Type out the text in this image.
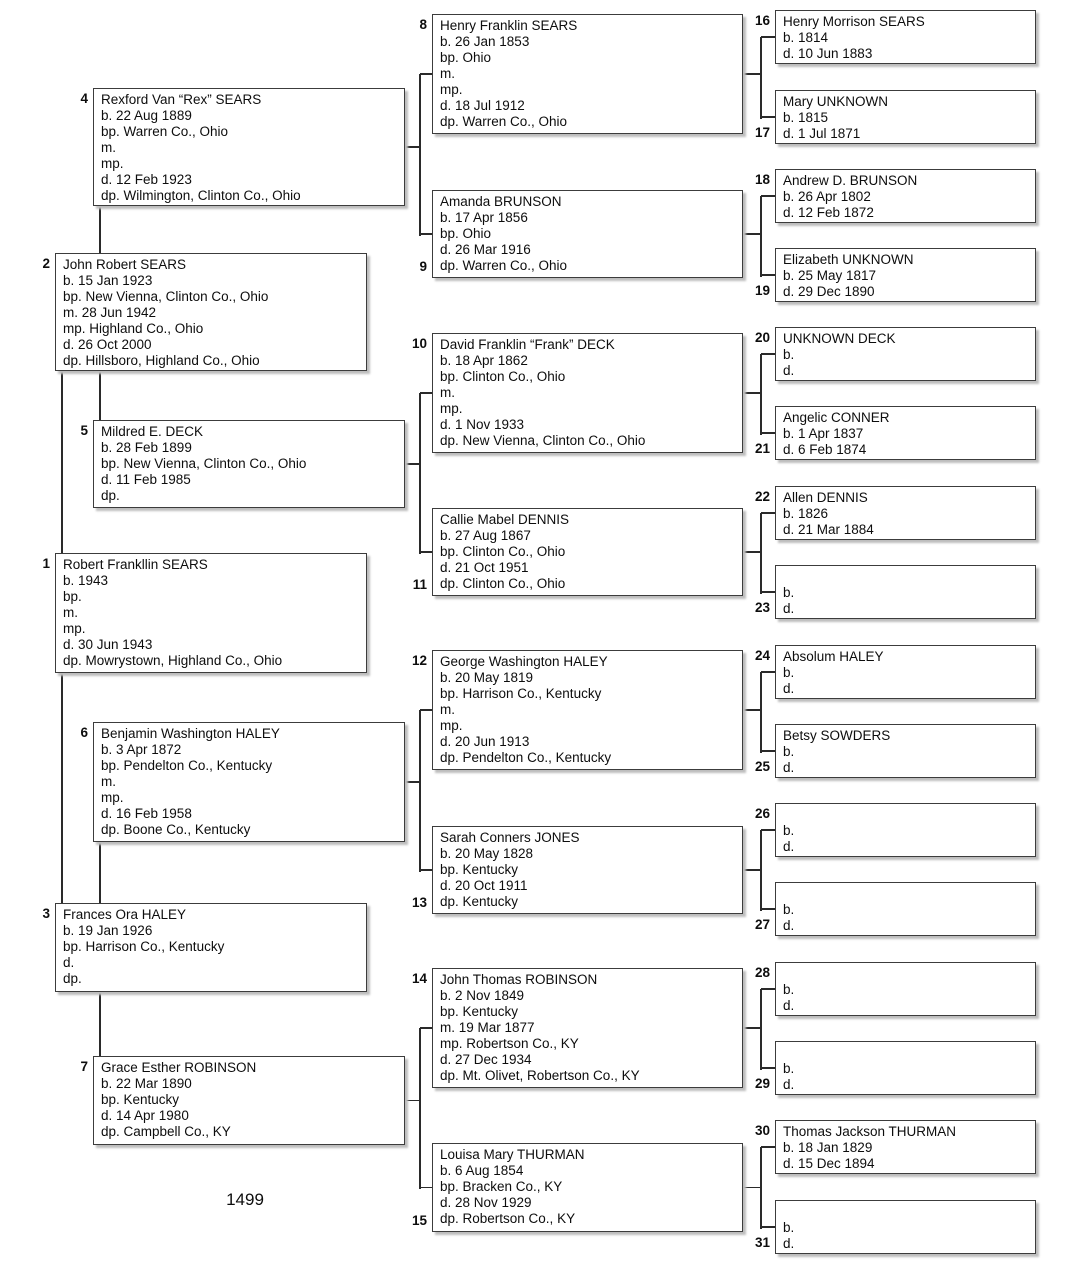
1499
Robert Frankllin SEARS
b. 1943
bp.
m.
mp.
d. 30 Jun 1943
dp. Mowrystown, Highland Co., Ohio
1
John Robert SEARS
b. 15 Jan 1923
bp. New Vienna, Clinton Co., Ohio
m. 28 Jun 1942
mp. Highland Co., Ohio
d. 26 Oct 2000
dp. Hillsboro, Highland Co., Ohio
2
Frances Ora HALEY
b. 19 Jan 1926
bp. Harrison Co., Kentucky
d.
dp.
3
Rexford Van “Rex” SEARS
b. 22 Aug 1889
bp. Warren Co., Ohio
m.
mp.
d. 12 Feb 1923
dp. Wilmington, Clinton Co., Ohio
4
Mildred E. DECK
b. 28 Feb 1899
bp. New Vienna, Clinton Co., Ohio
d. 11 Feb 1985
dp.
5
Benjamin Washington HALEY
b. 3 Apr 1872
bp. Pendelton Co., Kentucky
m.
mp.
d. 16 Feb 1958
dp. Boone Co., Kentucky
6
Grace Esther ROBINSON
b. 22 Mar 1890
bp. Kentucky
d. 14 Apr 1980
dp. Campbell Co., KY
7
Henry Franklin SEARS
b. 26 Jan 1853
bp. Ohio
m.
mp.
d. 18 Jul 1912
dp. Warren Co., Ohio
8
Amanda BRUNSON
b. 17 Apr 1856
bp. Ohio
d. 26 Mar 1916
dp. Warren Co., Ohio
9
David Franklin “Frank” DECK
b. 18 Apr 1862
bp. Clinton Co., Ohio
m.
mp.
d. 1 Nov 1933
dp. New Vienna, Clinton Co., Ohio
10
Callie Mabel DENNIS
b. 27 Aug 1867
bp. Clinton Co., Ohio
d. 21 Oct 1951
dp. Clinton Co., Ohio
11
George Washington HALEY
b. 20 May 1819
bp. Harrison Co., Kentucky
m.
mp.
d. 20 Jun 1913
dp. Pendelton Co., Kentucky
12
Sarah Conners JONES
b. 20 May 1828
bp. Kentucky
d. 20 Oct 1911
dp. Kentucky
13
John Thomas ROBINSON
b. 2 Nov 1849
bp. Kentucky
m. 19 Mar 1877
mp. Robertson Co., KY
d. 27 Dec 1934
dp. Mt. Olivet, Robertson Co., KY
14
Louisa Mary THURMAN
b. 6 Aug 1854
bp. Bracken Co., KY
d. 28 Nov 1929
dp. Robertson Co., KY
15
Henry Morrison SEARS
b. 1814
d. 10 Jun 1883
16
Mary UNKNOWN
b. 1815
d. 1 Jul 1871
17
Andrew D. BRUNSON
b. 26 Apr 1802
d. 12 Feb 1872
18
Elizabeth UNKNOWN
b. 25 May 1817
d. 29 Dec 1890
19
UNKNOWN DECK
b.
d.
20
Angelic CONNER
b. 1 Apr 1837
d. 6 Feb 1874
21
Allen DENNIS
b. 1826
d. 21 Mar 1884
22
b.
d.
23
Absolum HALEY
b.
d.
24
Betsy SOWDERS
b.
d.
25
b.
d.
26
b.
d.
27
b.
d.
28
b.
d.
29
Thomas Jackson THURMAN
b. 18 Jan 1829
d. 15 Dec 1894
30
b.
d.
31
